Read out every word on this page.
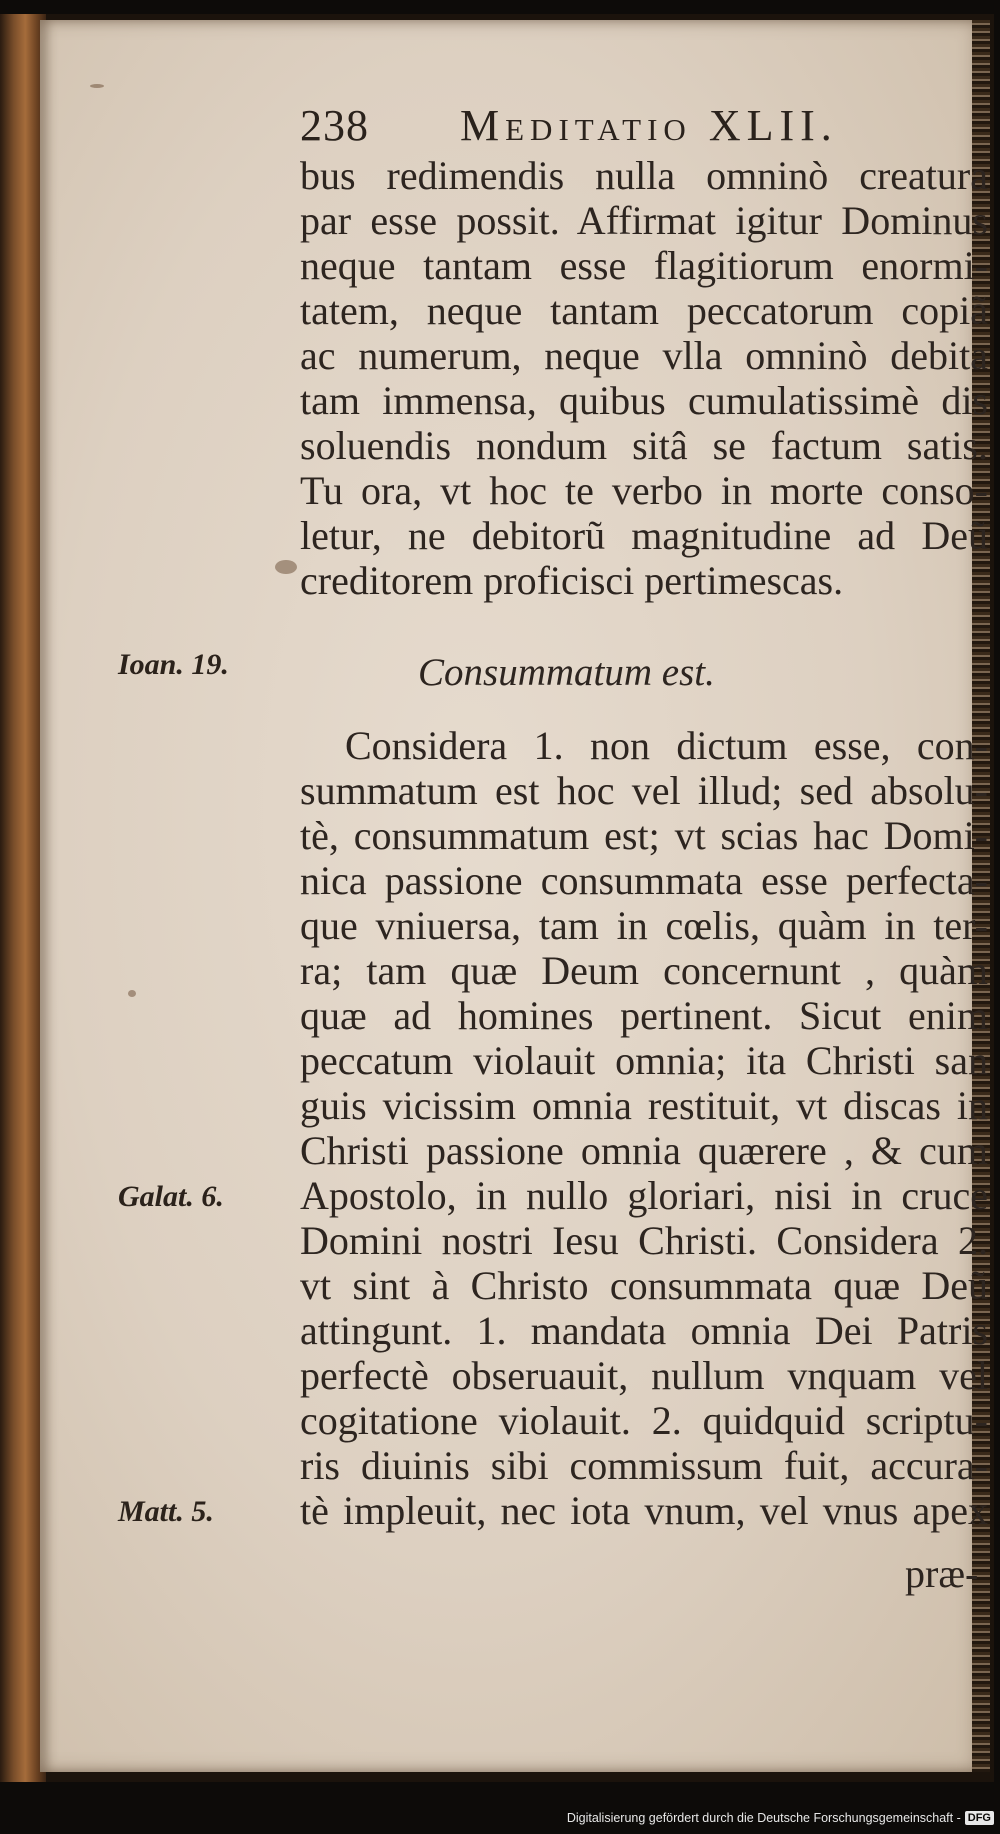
238 Meditatio XLII.
bus redimendis nulla omninò creatura
par esse possit. Affirmat igitur Dominus
neque tantam esse flagitiorum enormi-
tatem, neque tantam peccatorum copiã
ac numerum, neque vlla omninò debita
tam immensa, quibus cumulatissimè dis
soluendis nondum sitâ se factum satis.
Tu ora, vt hoc te verbo in morte conso-
letur, ne debitorũ magnitudine ad Deũ
creditorem proficisci pertimescas.
Ioan. 19.	Consummatum est.
Considera 1. non dictum esse, con-
summatum est hoc vel illud; sed absolu-
tè, consummatum est; vt scias hac Domi-
nica passione consummata esse perfecta-
que vniuersa, tam in cœlis, quàm in ter-
ra; tam quæ Deum concernunt , quàm
quæ ad homines pertinent. Sicut enim
peccatum violauit omnia; ita Christi san
guis vicissim omnia restituit, vt discas in
Christi passione omnia quærere , & cum
Apostolo, in nullo gloriari, nisi in cruce
Domini nostri Iesu Christi. Considera 2.
vt sint à Christo consummata quæ Deũ
attingunt. 1. mandata omnia Dei Patris
perfectè obseruauit, nullum vnquam vel
cogitatione violauit. 2. quidquid scriptu-
ris diuinis sibi commissum fuit, accura-
tè impleuit, nec iota vnum, vel vnus apex
Galat. 6.
Matt. 5.
præ-
Digitalisierung gefördert durch die Deutsche Forschungsgemeinschaft - DFG
